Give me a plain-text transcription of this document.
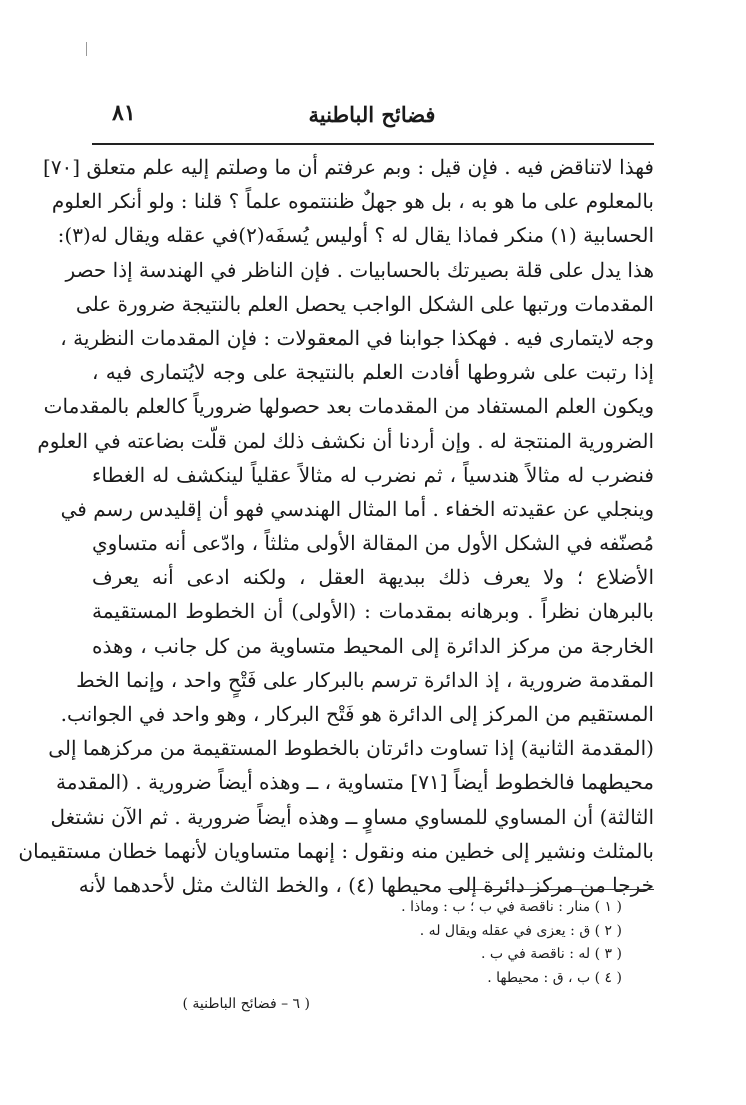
فضائح الباطنية
٨١
فهذا لاتناقض فيه . فإن قيل : وبم عرفتم أن ما وصلتم إليه علم متعلق [٧٠]
بالمعلوم على ما هو به ، بل هو جهلٌ ظننتموه علماً ؟ قلنا : ولو أنكر العلوم
الحسابية (١) منكر فماذا يقال له ؟ أوليس يُسفَه(٢)في عقله ويقال له(٣):
هذا يدل على قلة بصيرتك بالحسابيات . فإن الناظر في الهندسة إذا حصر
المقدمات ورتبها على الشكل الواجب يحصل العلم بالنتيجة ضرورة على
وجه لايتمارى فيه . فهكذا جوابنا في المعقولات : فإن المقدمات النظرية ،
إذا رتبت على شروطها أفادت العلم بالنتيجة على وجه لايُتمارى فيه ،
ويكون العلم المستفاد من المقدمات بعد حصولها ضرورياً كالعلم بالمقدمات
الضرورية المنتجة له . وإن أردنا أن نكشف ذلك لمن قلّت بضاعته في العلوم
فنضرب له مثالاً هندسياً ، ثم نضرب له مثالاً عقلياً لينكشف له الغطاء
وينجلي عن عقيدته الخفاء . أما المثال الهندسي فهو أن إقليدس رسم في
مُصنّفه في الشكل الأول من المقالة الأولى مثلثاً ، وادّعى أنه متساوي
الأضلاع ؛ ولا يعرف ذلك ببديهة العقل ، ولكنه ادعى أنه يعرف
بالبرهان نظراً . وبرهانه بمقدمات : (الأولى) أن الخطوط المستقيمة
الخارجة من مركز الدائرة إلى المحيط متساوية من كل جانب ، وهذه
المقدمة ضرورية ، إذ الدائرة ترسم بالبركار على فَتْحٍ واحد ، وإنما الخط
المستقيم من المركز إلى الدائرة هو فَتْح البركار ، وهو واحد في الجوانب.
(المقدمة الثانية) إذا تساوت دائرتان بالخطوط المستقيمة من مركزهما إلى
محيطهما فالخطوط أيضاً [٧١] متساوية ، ــ وهذه أيضاً ضرورية . (المقدمة
الثالثة) أن المساوي للمساوي مساوٍ ــ وهذه أيضاً ضرورية . ثم الآن نشتغل
بالمثلث ونشير إلى خطين منه ونقول : إنهما متساويان لأنهما خطان مستقيمان
خرجا من مركز دائرة إلى محيطها (٤) ، والخط الثالث مثل لأحدهما لأنه
( ١ ) منار : ناقصة في ب ؛ ب : وماذا .
( ٢ ) ق : يعزى في عقله ويقال له .
( ٣ ) له : ناقصة في ب .
( ٤ ) ب ، ق : محيطها .
( ٦ – فضائح الباطنية )
